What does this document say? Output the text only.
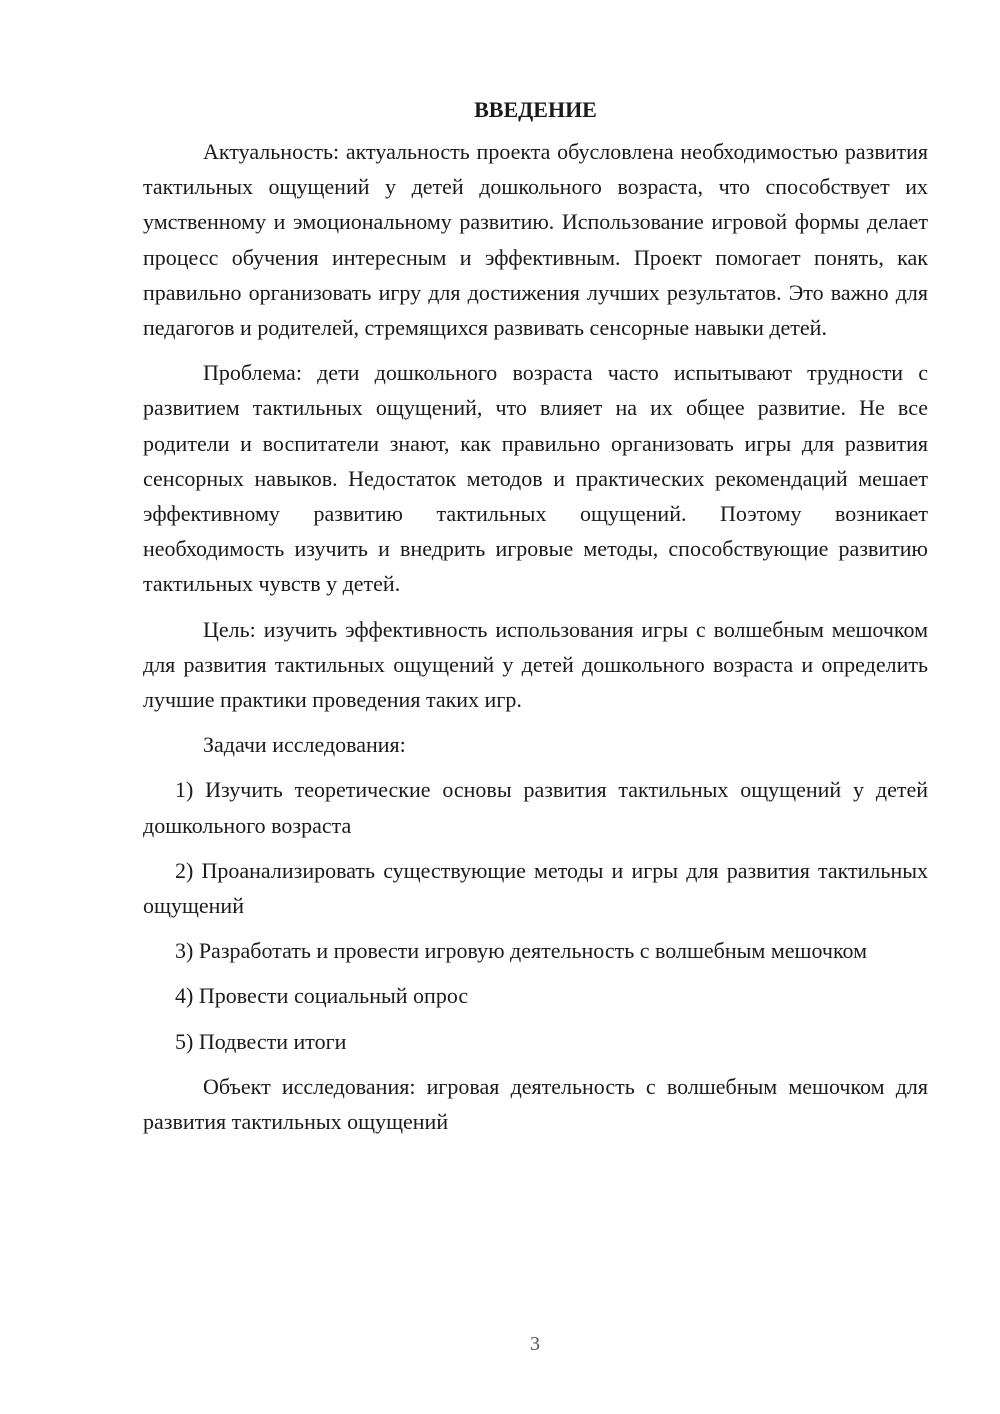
ВВЕДЕНИЕ

Актуальность: актуальность проекта обусловлена необходимостью развития тактильных ощущений у детей дошкольного возраста, что способствует их умственному и эмоциональному развитию. Использование игровой формы делает процесс обучения интересным и эффективным. Проект помогает понять, как правильно организовать игру для достижения лучших результатов. Это важно для педагогов и родителей, стремящихся развивать сенсорные навыки детей.

Проблема: дети дошкольного возраста часто испытывают трудности с развитием тактильных ощущений, что влияет на их общее развитие. Не все родители и воспитатели знают, как правильно организовать игры для развития сенсорных навыков. Недостаток методов и практических рекомендаций мешает эффективному развитию тактильных ощущений. Поэтому возникает необходимость изучить и внедрить игровые методы, способствующие развитию тактильных чувств у детей.

Цель: изучить эффективность использования игры с волшебным мешочком для развития тактильных ощущений у детей дошкольного возраста и определить лучшие практики проведения таких игр.

Задачи исследования:

1) Изучить теоретические основы развития тактильных ощущений у детей дошкольного возраста

2) Проанализировать существующие методы и игры для развития тактильных ощущений

3) Разработать и провести игровую деятельность с волшебным мешочком

4) Провести социальный опрос

5) Подвести итоги

Объект исследования: игровая деятельность с волшебным мешочком для развития тактильных ощущений

3
